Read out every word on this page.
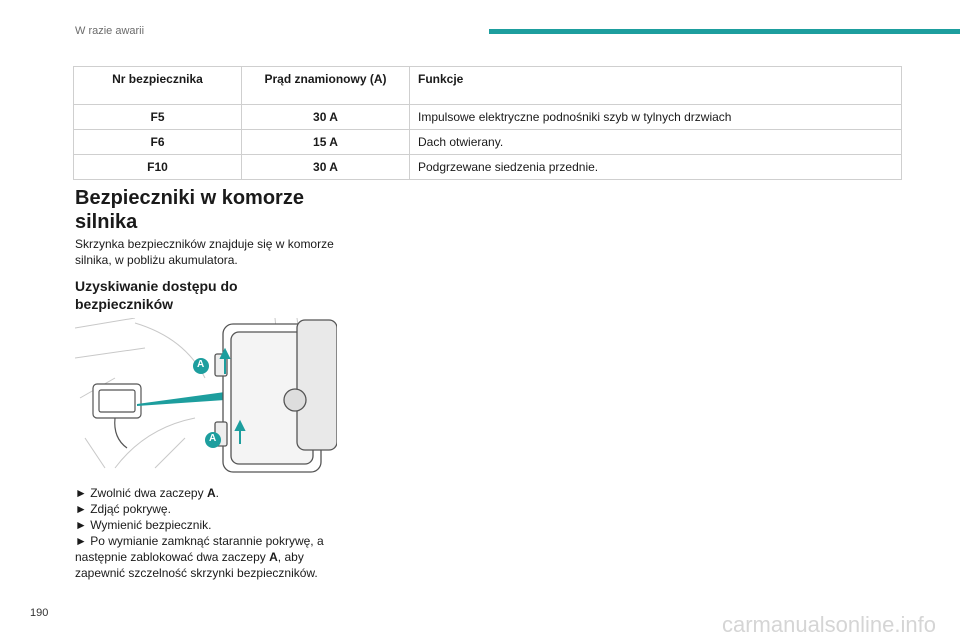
W razie awarii
Nr bezpiecznika	Prąd znamionowy (A)	Funkcje
F5	30 A	Impulsowe elektryczne podnośniki szyb w tylnych drzwiach
F6	15 A	Dach otwierany.
F10	30 A	Podgrzewane siedzenia przednie.
Bezpieczniki w komorze silnika
Skrzynka bezpieczników znajduje się w komorze silnika, w pobliżu akumulatora.
Uzyskiwanie dostępu do bezpieczników
A
A

► Zwolnić dwa zaczepy A.

► Zdjąć pokrywę.

► Wymienić bezpiecznik.

► Po wymianie zamknąć starannie pokrywę, a następnie zablokować dwa zaczepy A, aby zapewnić szczelność skrzynki bezpieczników.

190	carmanualsonline.info
